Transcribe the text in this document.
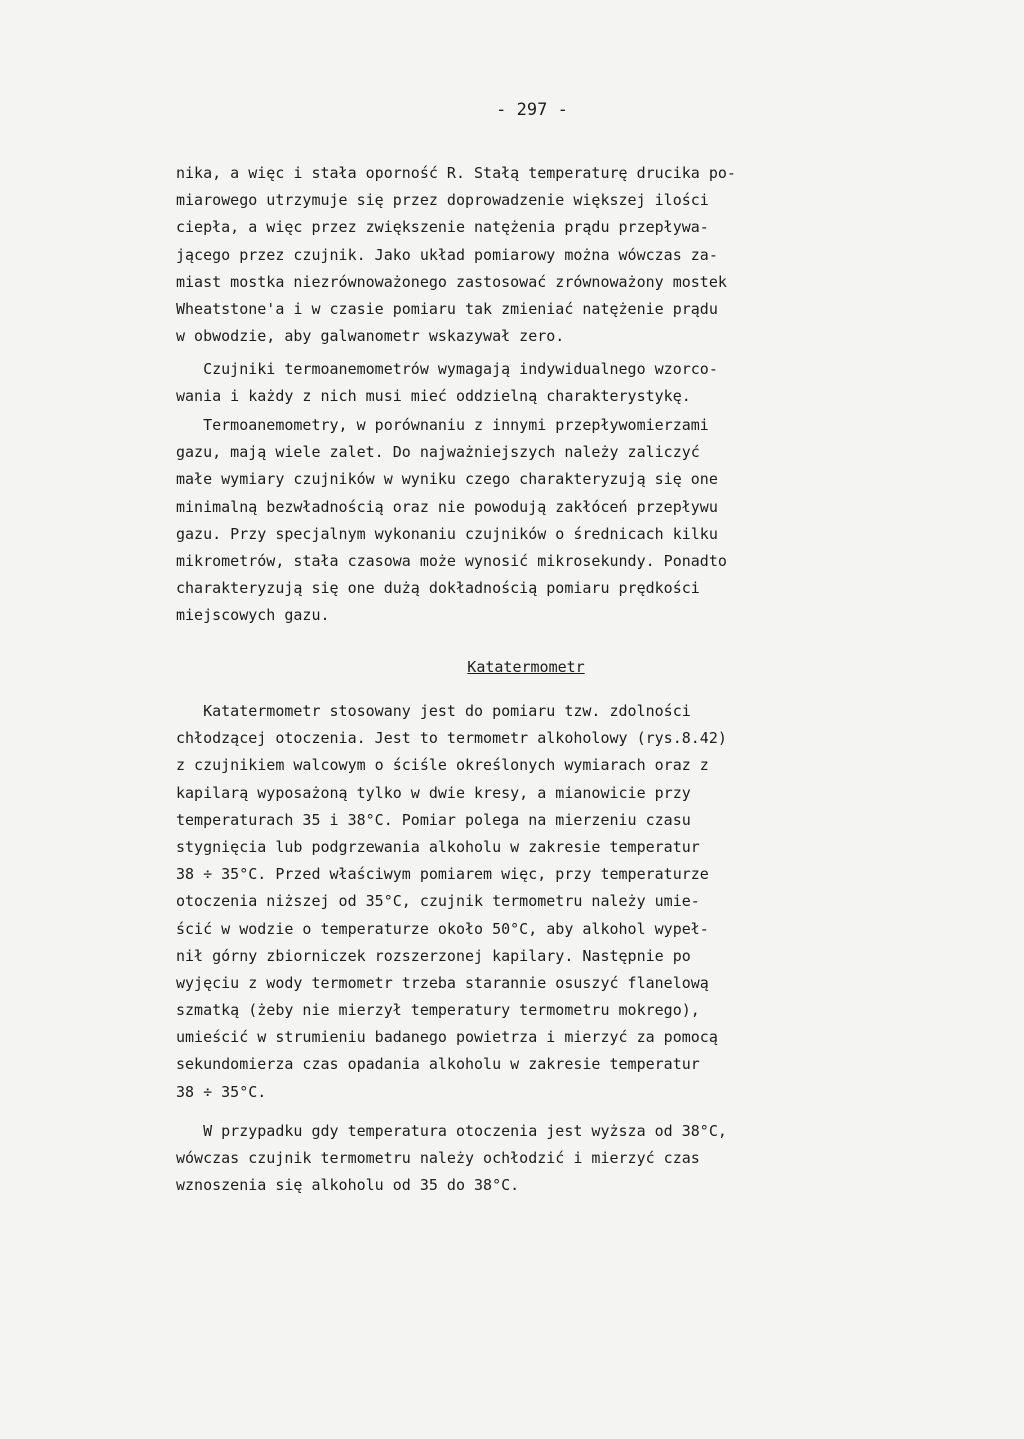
- 297 -
nika, a więc i stała oporność R. Stałą temperaturę drucika po-
miarowego utrzymuje się przez doprowadzenie większej ilości
ciepła, a więc przez zwiększenie natężenia prądu przepływa-
jącego przez czujnik. Jako układ pomiarowy można wówczas za-
miast mostka niezrównoważonego zastosować zrównoważony mostek
Wheatstone'a i w czasie pomiaru tak zmieniać natężenie prądu
w obwodzie, aby galwanometr wskazywał zero.
Czujniki termoanemometrów wymagają indywidualnego wzorco-
wania i każdy z nich musi mieć oddzielną charakterystykę.
Termoanemometry, w porównaniu z innymi przepływomierzami
gazu, mają wiele zalet. Do najważniejszych należy zaliczyć
małe wymiary czujników w wyniku czego charakteryzują się one
minimalną bezwładnością oraz nie powodują zakłóceń przepływu
gazu. Przy specjalnym wykonaniu czujników o średnicach kilku
mikrometrów, stała czasowa może wynosić mikrosekundy. Ponadto
charakteryzują się one dużą dokładnością pomiaru prędkości
miejscowych gazu.
Katatermometr
Katatermometr stosowany jest do pomiaru tzw. zdolności
chłodzącej otoczenia. Jest to termometr alkoholowy (rys.8.42)
z czujnikiem walcowym o ściśle określonych wymiarach oraz z
kapilarą wyposażoną tylko w dwie kresy, a mianowicie przy
temperaturach 35 i 38°C. Pomiar polega na mierzeniu czasu
stygnięcia lub podgrzewania alkoholu w zakresie temperatur
38 ÷ 35°C. Przed właściwym pomiarem więc, przy temperaturze
otoczenia niższej od 35°C, czujnik termometru należy umie-
ścić w wodzie o temperaturze około 50°C, aby alkohol wypeł-
nił górny zbiorniczek rozszerzonej kapilary. Następnie po
wyjęciu z wody termometr trzeba starannie osuszyć flanelową
szmatką (żeby nie mierzył temperatury termometru mokrego),
umieścić w strumieniu badanego powietrza i mierzyć za pomocą
sekundomierza czas opadania alkoholu w zakresie temperatur
38 ÷ 35°C.
W przypadku gdy temperatura otoczenia jest wyższa od 38°C,
wówczas czujnik termometru należy ochłodzić i mierzyć czas
wznoszenia się alkoholu od 35 do 38°C.
